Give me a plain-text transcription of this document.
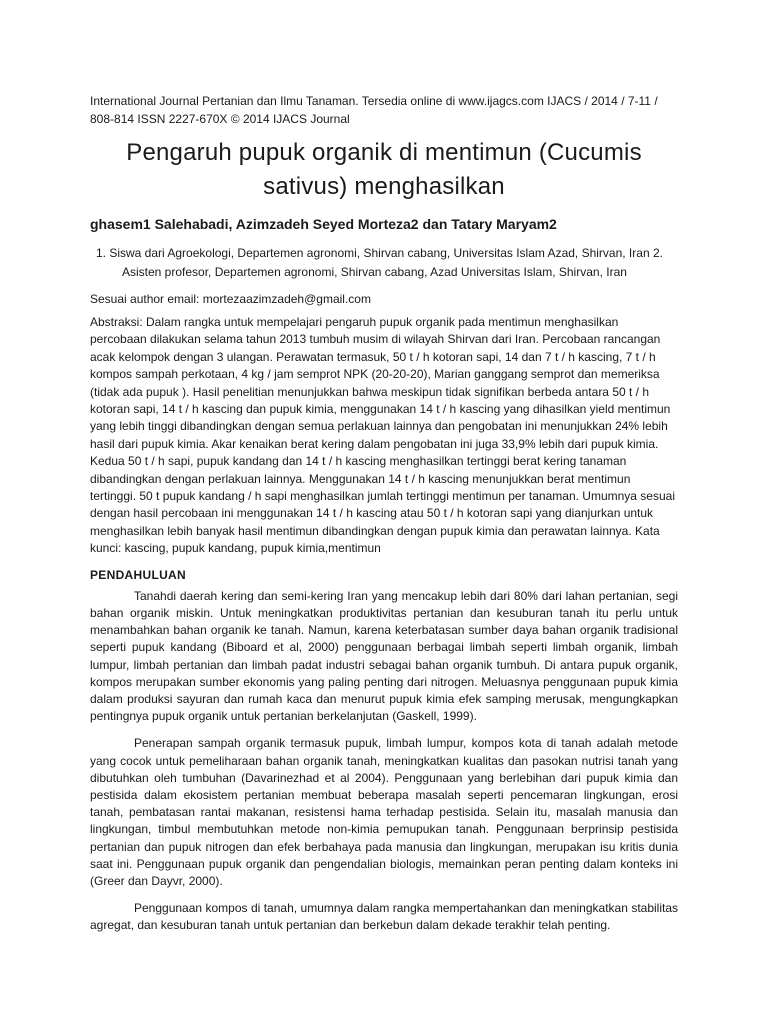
International Journal Pertanian dan Ilmu Tanaman. Tersedia online di www.ijagcs.com IJACS / 2014 / 7-11 / 808-814 ISSN 2227-670X © 2014 IJACS Journal

Pengaruh pupuk organik di mentimun (Cucumis sativus) menghasilkan

ghasem1 Salehabadi, Azimzadeh Seyed Morteza2 dan Tatary Maryam2

1. Siswa dari Agroekologi, Departemen agronomi, Shirvan cabang, Universitas Islam Azad, Shirvan, Iran 2.
Asisten profesor, Departemen agronomi, Shirvan cabang, Azad Universitas Islam, Shirvan, Iran

Sesuai author email: mortezaazimzadeh@gmail.com

Abstraksi: Dalam rangka untuk mempelajari pengaruh pupuk organik pada mentimun menghasilkan percobaan dilakukan selama tahun 2013 tumbuh musim di wilayah Shirvan dari Iran. Percobaan rancangan acak kelompok dengan 3 ulangan. Perawatan termasuk, 50 t / h kotoran sapi, 14 dan 7 t / h kascing, 7 t / h kompos sampah perkotaan, 4 kg / jam semprot NPK (20-20-20), Marian ganggang semprot dan memeriksa (tidak ada pupuk ). Hasil penelitian menunjukkan bahwa meskipun tidak signifikan berbeda antara 50 t / h kotoran sapi, 14 t / h kascing dan pupuk kimia, menggunakan 14 t / h kascing yang dihasilkan yield mentimun yang lebih tinggi dibandingkan dengan semua perlakuan lainnya dan pengobatan ini menunjukkan 24% lebih hasil dari pupuk kimia. Akar kenaikan berat kering dalam pengobatan ini juga 33,9% lebih dari pupuk kimia. Kedua 50 t / h sapi, pupuk kandang dan 14 t / h kascing menghasilkan tertinggi berat kering tanaman dibandingkan dengan perlakuan lainnya. Menggunakan 14 t / h kascing menunjukkan berat mentimun tertinggi. 50 t pupuk kandang / h sapi menghasilkan jumlah tertinggi mentimun per tanaman. Umumnya sesuai dengan hasil percobaan ini menggunakan 14 t / h kascing atau 50 t / h kotoran sapi yang dianjurkan untuk menghasilkan lebih banyak hasil mentimun dibandingkan dengan pupuk kimia dan perawatan lainnya. Kata kunci: kascing, pupuk kandang, pupuk kimia,mentimun

PENDAHULUAN

Tanahdi daerah kering dan semi-kering Iran yang mencakup lebih dari 80% dari lahan pertanian, segi bahan organik miskin. Untuk meningkatkan produktivitas pertanian dan kesuburan tanah itu perlu untuk menambahkan bahan organik ke tanah. Namun, karena keterbatasan sumber daya bahan organik tradisional seperti pupuk kandang (Biboard et al, 2000) penggunaan berbagai limbah seperti limbah organik, limbah lumpur, limbah pertanian dan limbah padat industri sebagai bahan organik tumbuh. Di antara pupuk organik, kompos merupakan sumber ekonomis yang paling penting dari nitrogen. Meluasnya penggunaan pupuk kimia dalam produksi sayuran dan rumah kaca dan menurut pupuk kimia efek samping merusak, mengungkapkan pentingnya pupuk organik untuk pertanian berkelanjutan (Gaskell, 1999).

Penerapan sampah organik termasuk pupuk, limbah lumpur, kompos kota di tanah adalah metode yang cocok untuk pemeliharaan bahan organik tanah, meningkatkan kualitas dan pasokan nutrisi tanah yang dibutuhkan oleh tumbuhan (Davarinezhad et al 2004). Penggunaan yang berlebihan dari pupuk kimia dan pestisida dalam ekosistem pertanian membuat beberapa masalah seperti pencemaran lingkungan, erosi tanah, pembatasan rantai makanan, resistensi hama terhadap pestisida. Selain itu, masalah manusia dan lingkungan, timbul membutuhkan metode non-kimia pemupukan tanah. Penggunaan berprinsip pestisida pertanian dan pupuk nitrogen dan efek berbahaya pada manusia dan lingkungan, merupakan isu kritis dunia saat ini. Penggunaan pupuk organik dan pengendalian biologis, memainkan peran penting dalam konteks ini (Greer dan Dayvr, 2000).

Penggunaan kompos di tanah, umumnya dalam rangka mempertahankan dan meningkatkan stabilitas agregat, dan kesuburan tanah untuk pertanian dan berkebun dalam dekade terakhir telah penting.
